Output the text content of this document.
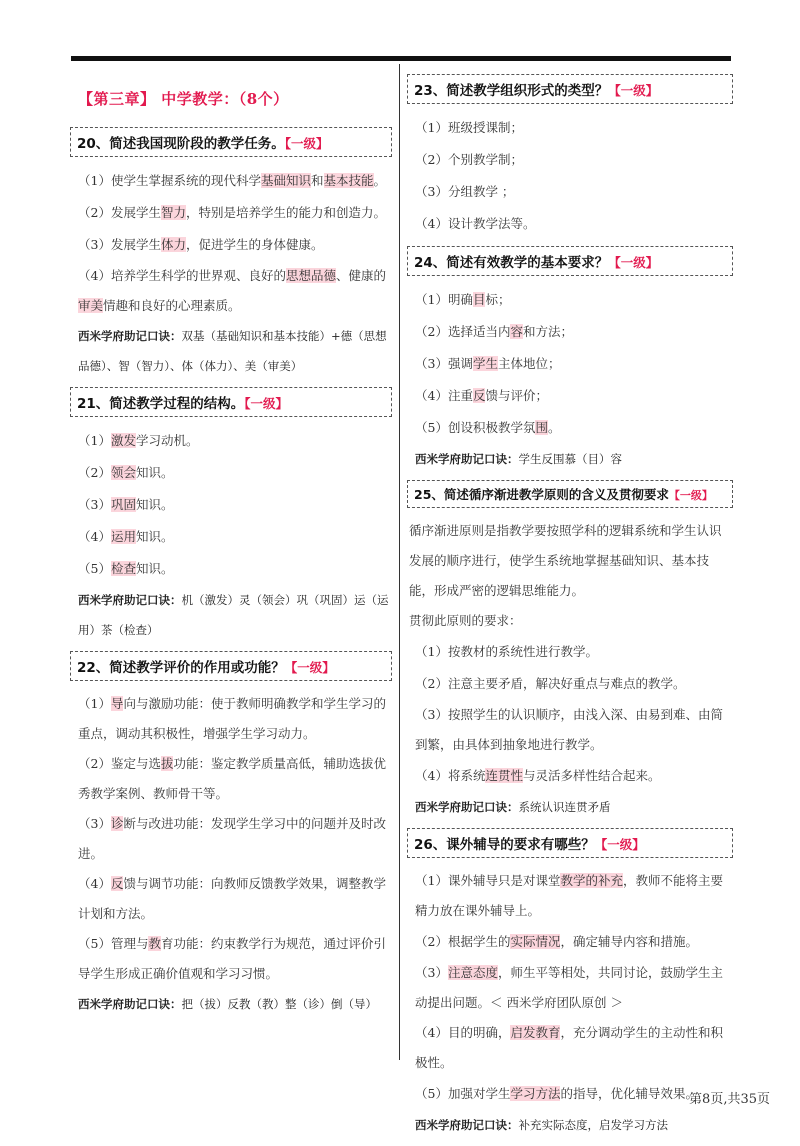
【第三章】 中学教学：（8个）
20、简述我国现阶段的教学任务。【一级】
（1）使学生掌握系统的现代科学基础知识和基本技能。
（2）发展学生智力，特别是培养学生的能力和创造力。
（3）发展学生体力，促进学生的身体健康。
（4）培养学生科学的世界观、良好的思想品德、健康的审美情趣和良好的心理素质。
西米学府助记口诀：双基（基础知识和基本技能）+德（思想品德）、智（智力）、体（体力）、美（审美）
21、简述教学过程的结构。【一级】
（1）激发学习动机。
（2）领会知识。
（3）巩固知识。
（4）运用知识。
（5）检查知识。
西米学府助记口诀：机（激发）灵（领会）巩（巩固）运（运用）茶（检查）
22、简述教学评价的作用或功能？【一级】
（1）导向与激励功能：使于教师明确教学和学生学习的重点，调动其积极性，增强学生学习动力。
（2）鉴定与选拔功能：鉴定教学质量高低，辅助选拔优秀教学案例、教师骨干等。
（3）诊断与改进功能：发现学生学习中的问题并及时改进。
（4）反馈与调节功能：向教师反馈教学效果，调整教学计划和方法。
（5）管理与教育功能：约束教学行为规范，通过评价引导学生形成正确价值观和学习习惯。
西米学府助记口诀：把（拔）反教（教）整（诊）倒（导）
23、简述教学组织形式的类型？【一级】
（1）班级授课制；
（2）个别教学制；
（3）分组教学 ；
（4）设计教学法等。
24、简述有效教学的基本要求？【一级】
（1）明确目标；
（2）选择适当内容和方法；
（3）强调学生主体地位；
（4）注重反馈与评价；
（5）创设积极教学氛围。
西米学府助记口诀：学生反围慕（目）容
25、简述循序渐进教学原则的含义及贯彻要求【一级】
循序渐进原则是指教学要按照学科的逻辑系统和学生认识发展的顺序进行，使学生系统地掌握基础知识、基本技能，形成严密的逻辑思维能力。
贯彻此原则的要求：
（1）按教材的系统性进行教学。
（2）注意主要矛盾，解决好重点与难点的教学。
（3）按照学生的认识顺序，由浅入深、由易到难、由简到繁，由具体到抽象地进行教学。
（4）将系统连贯性与灵活多样性结合起来。
西米学府助记口诀：系统认识连贯矛盾
26、课外辅导的要求有哪些？【一级】
（1）课外辅导只是对课堂教学的补充，教师不能将主要精力放在课外辅导上。
（2）根据学生的实际情况，确定辅导内容和措施。
（3）注意态度，师生平等相处，共同讨论，鼓励学生主动提出问题。＜ 西米学府团队原创 ＞
（4）目的明确，启发教育，充分调动学生的主动性和积极性。
（5）加强对学生学习方法的指导，优化辅导效果。
西米学府助记口诀：补充实际态度，启发学习方法
第8页,共35页
